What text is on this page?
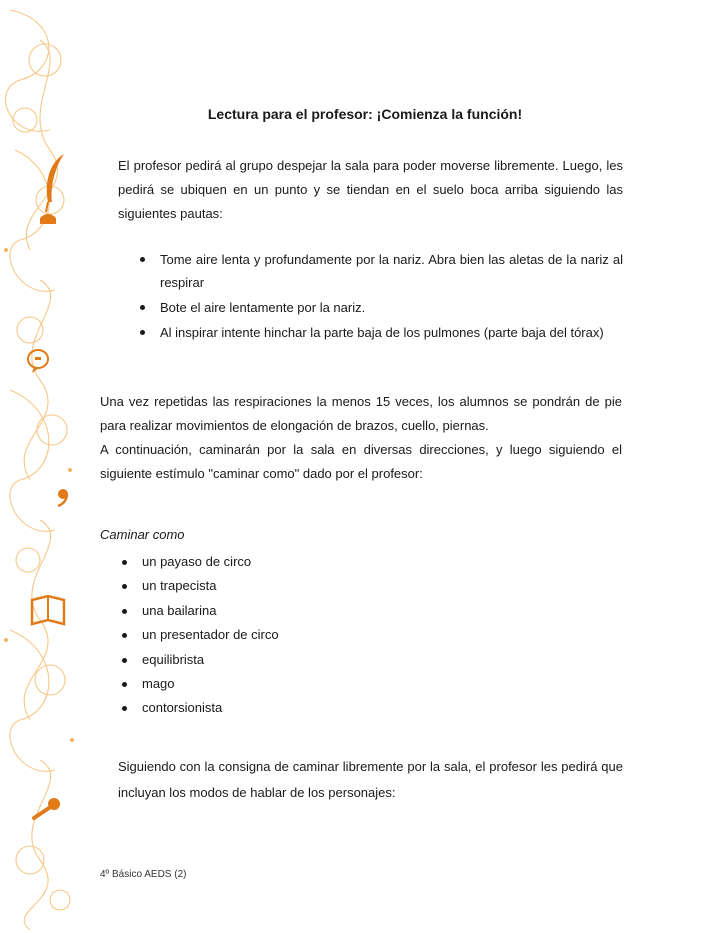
Lectura para el profesor: ¡Comienza la función!
El profesor pedirá al grupo despejar la sala para poder moverse libremente. Luego, les pedirá se ubiquen en un punto y se tiendan en el suelo boca arriba siguiendo las siguientes pautas:
Tome aire lenta y profundamente por la nariz. Abra bien las aletas de la nariz al respirar
Bote el aire lentamente por la nariz.
Al inspirar intente hinchar la parte baja de los pulmones (parte baja del tórax)
Una vez repetidas las respiraciones la menos 15 veces, los alumnos se pondrán de pie para realizar movimientos de elongación de brazos, cuello, piernas.
A continuación, caminarán por la sala en diversas direcciones, y luego siguiendo el siguiente estímulo "caminar como" dado por el profesor:
Caminar como
un payaso de circo
un trapecista
una bailarina
un presentador de circo
equilibrista
mago
contorsionista
Siguiendo con la consigna de caminar libremente por la sala, el profesor les pedirá que incluyan los modos de hablar de los personajes:
4º Básico AEDS (2)
